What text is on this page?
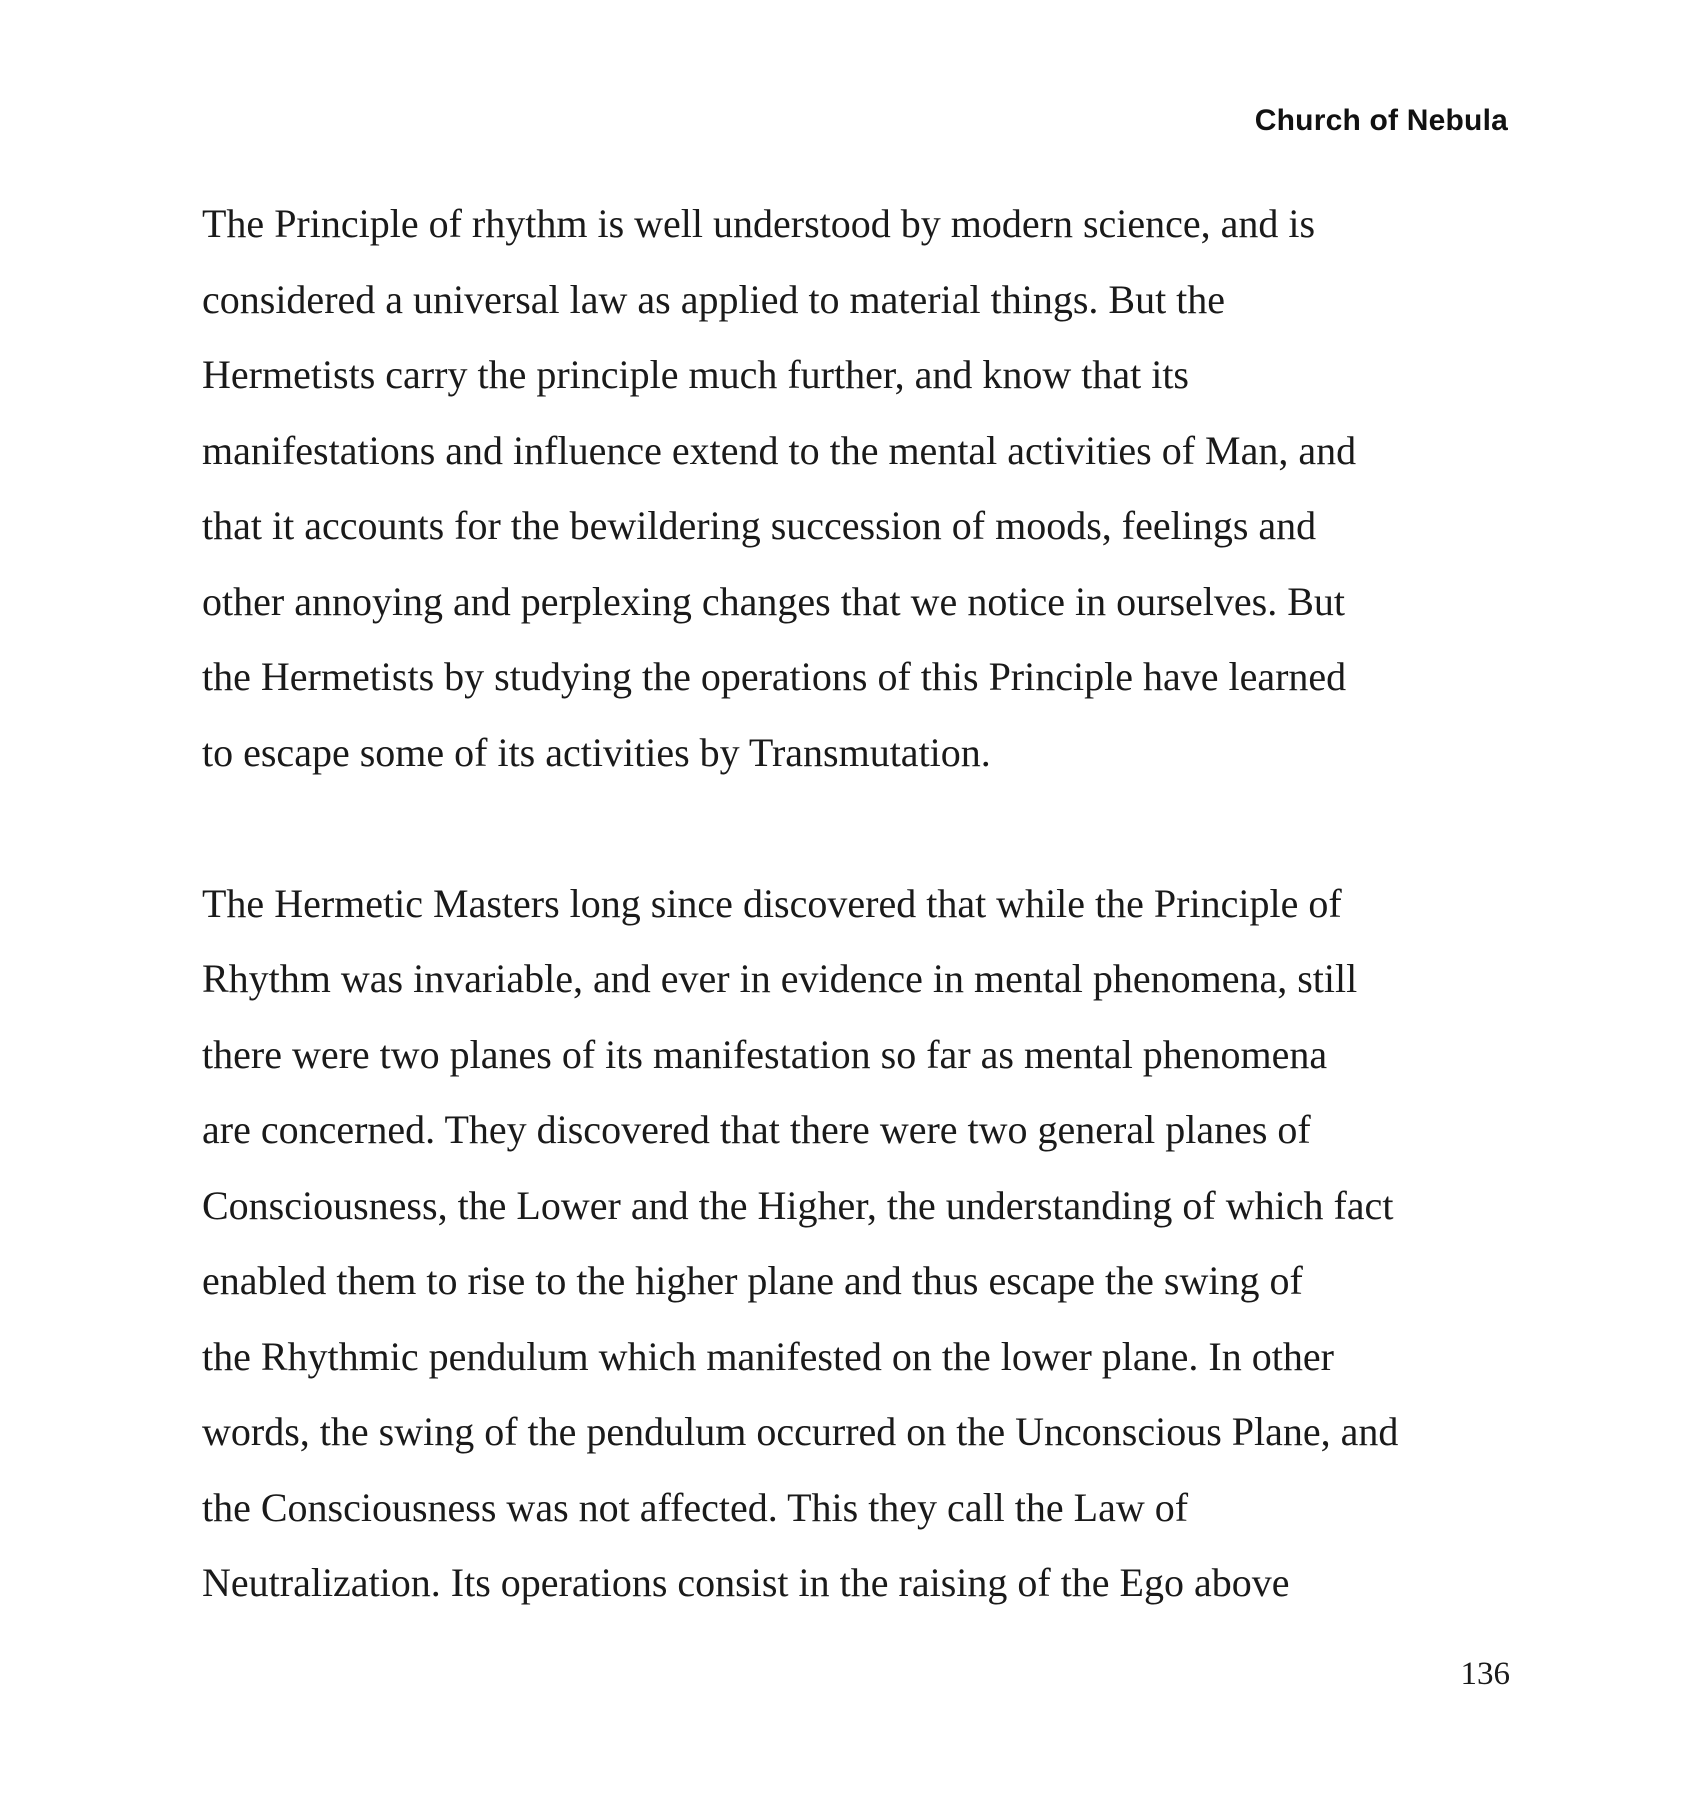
Church of Nebula
The Principle of rhythm is well understood by modern science, and is
considered a universal law as applied to material things. But the
Hermetists carry the principle much further, and know that its
manifestations and influence extend to the mental activities of Man, and
that it accounts for the bewildering succession of moods, feelings and
other annoying and perplexing changes that we notice in ourselves. But
the Hermetists by studying the operations of this Principle have learned
to escape some of its activities by Transmutation.
The Hermetic Masters long since discovered that while the Principle of
Rhythm was invariable, and ever in evidence in mental phenomena, still
there were two planes of its manifestation so far as mental phenomena
are concerned. They discovered that there were two general planes of
Consciousness, the Lower and the Higher, the understanding of which fact
enabled them to rise to the higher plane and thus escape the swing of
the Rhythmic pendulum which manifested on the lower plane. In other
words, the swing of the pendulum occurred on the Unconscious Plane, and
the Consciousness was not affected. This they call the Law of
Neutralization. Its operations consist in the raising of the Ego above
136
